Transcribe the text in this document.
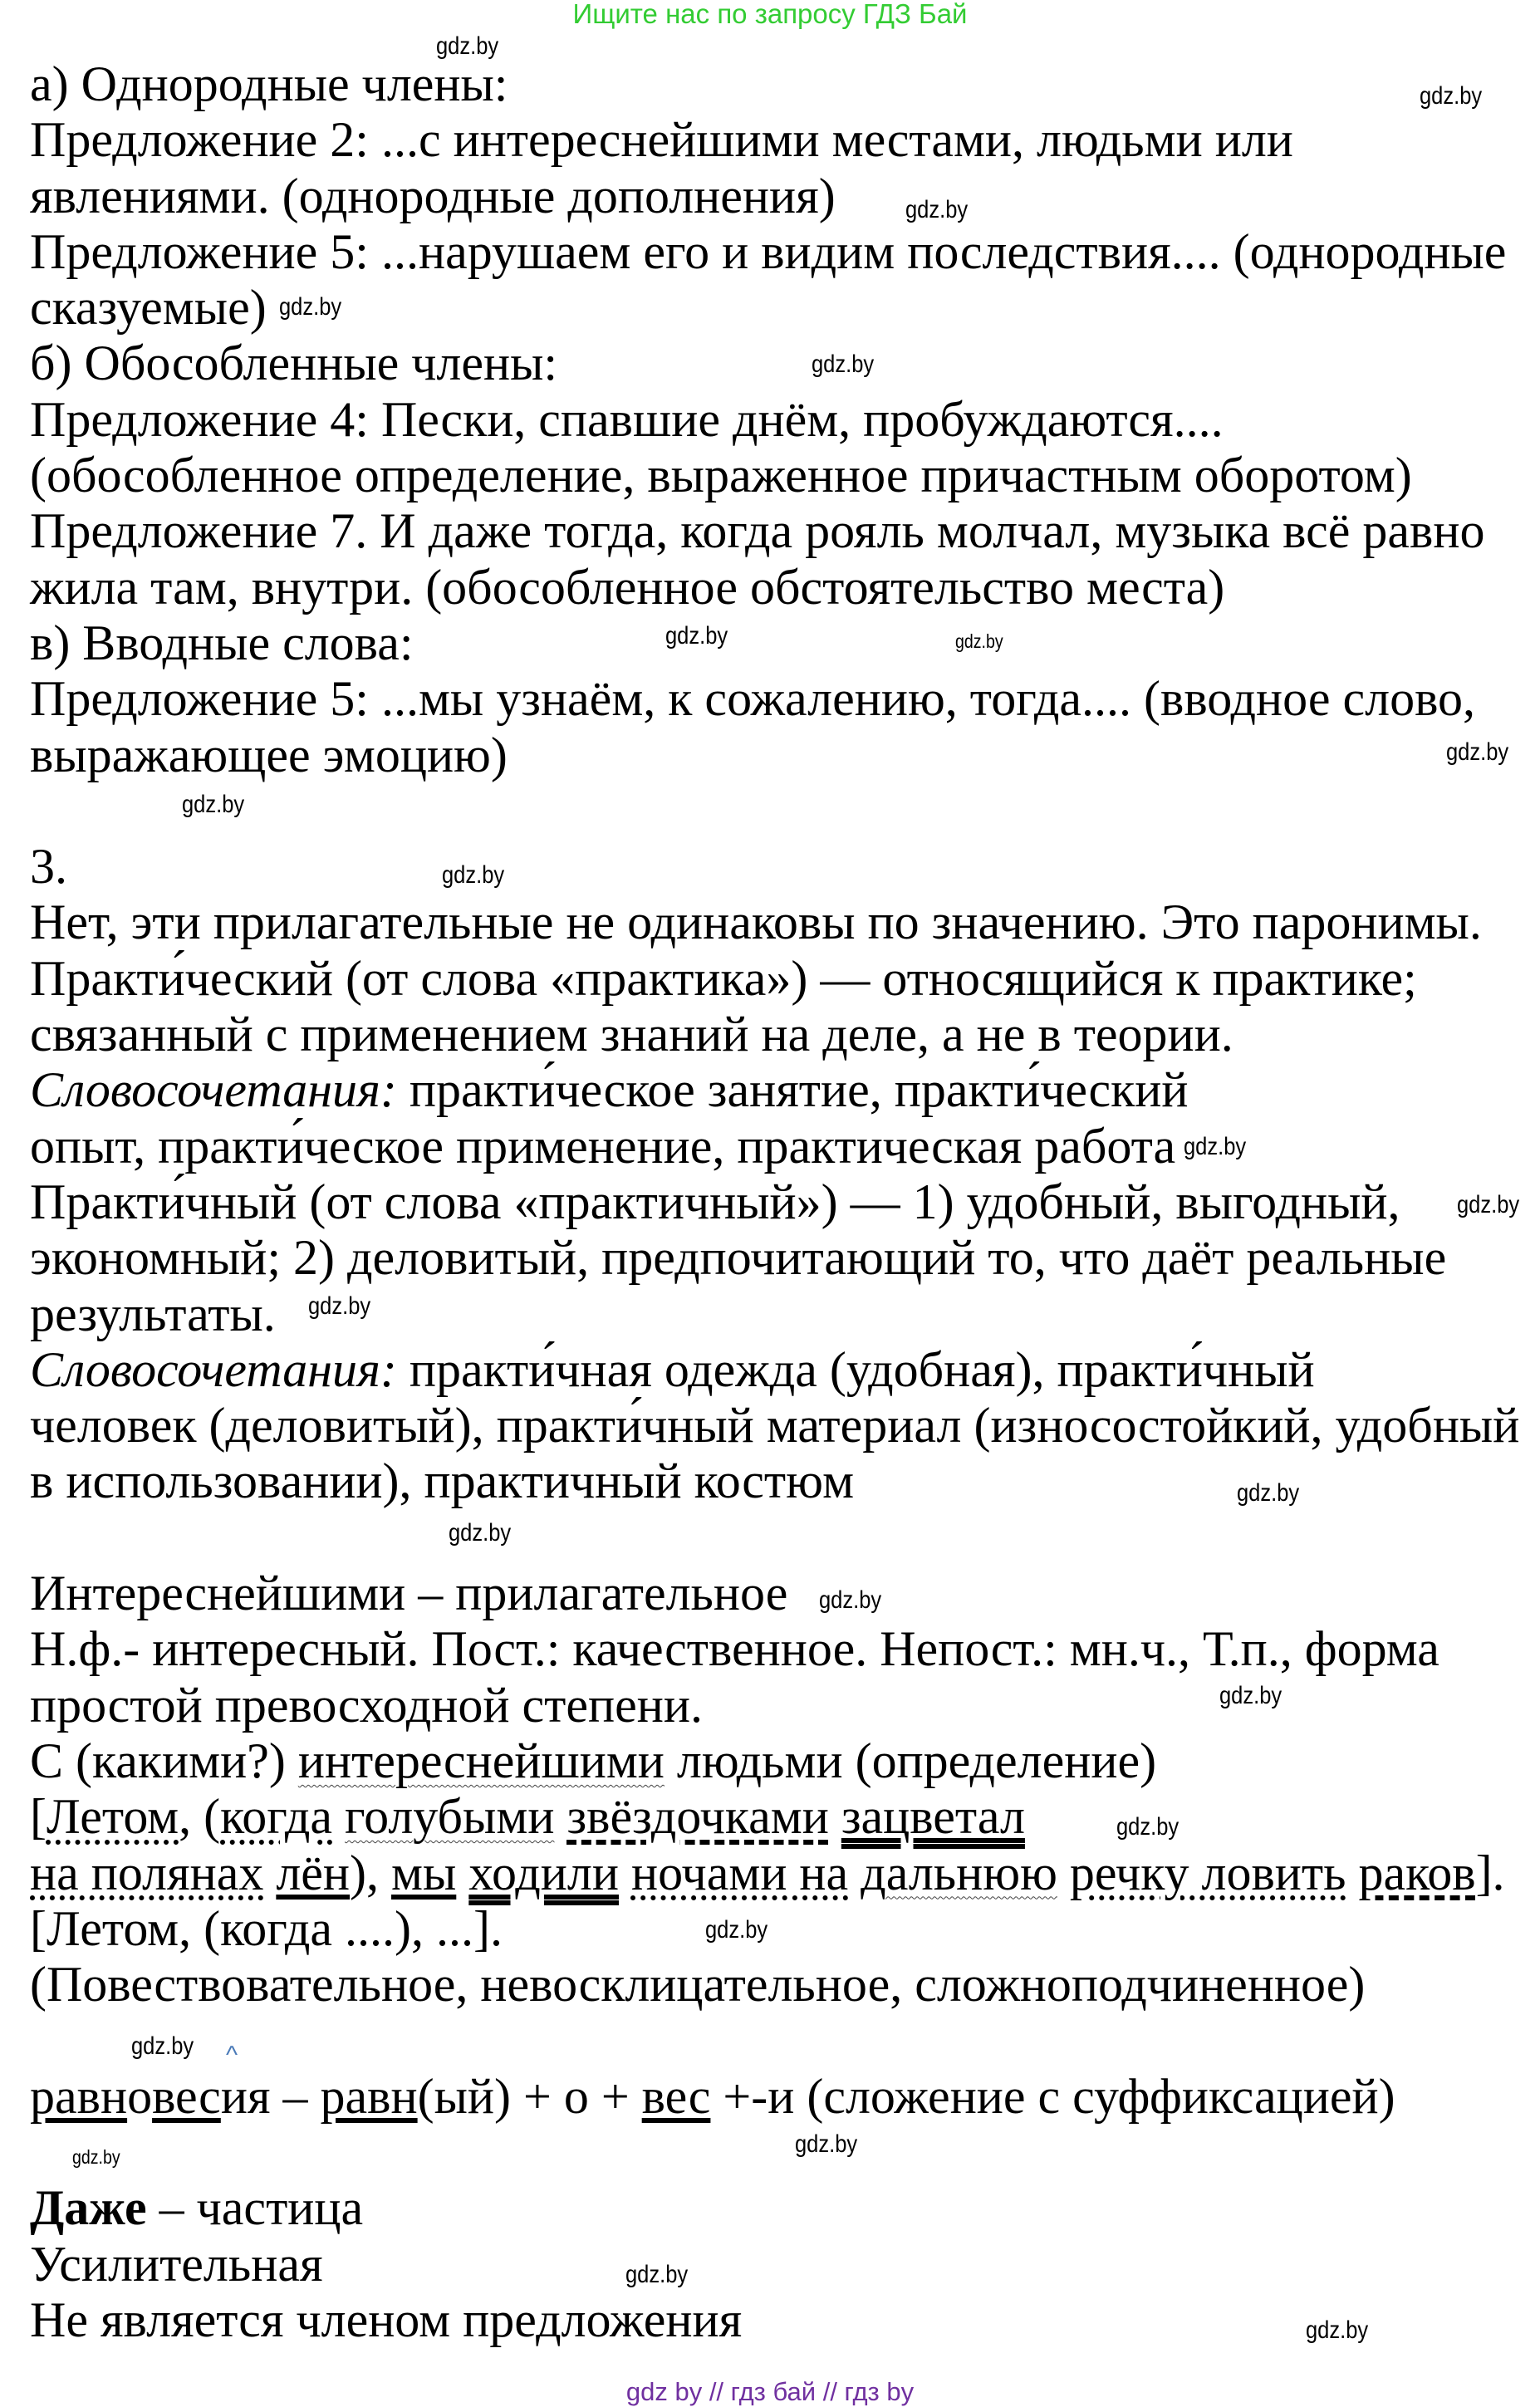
Ищите нас по запросу ГДЗ Бай
а) Однородные члены:
Предложение 2: ...с интереснейшими местами, людьми или
явлениями. (однородные дополнения)
Предложение 5: ...нарушаем его и видим последствия.... (однородные
сказуемые)
б) Обособленные члены:
Предложение 4: Пески, спавшие днём, пробуждаются....
(обособленное определение, выраженное причастным оборотом)
Предложение 7. И даже тогда, когда рояль молчал, музыка всё равно
жила там, внутри. (обособленное обстоятельство места)
в) Вводные слова:
Предложение 5: ...мы узнаём, к сожалению, тогда.... (вводное слово,
выражающее эмоцию)
3.
Нет, эти прилагательные не одинаковы по значению. Это паронимы.
Практи́ческий (от слова «практика») — относящийся к практике;
связанный с применением знаний на деле, а не в теории.
Словосочетания: практи́ческое занятие, практи́ческий
опыт, практи́ческое применение, практическая работа
Практи́чный (от слова «практичный») — 1) удобный, выгодный,
экономный; 2) деловитый, предпочитающий то, что даёт реальные
результаты.
Словосочетания: практи́чная одежда (удобная), практи́чный
человек (деловитый), практи́чный материал (износостойкий, удобный
в использовании), практичный костюм
Интереснейшими – прилагательное
Н.ф.- интересный. Пост.: качественное. Непост.: мн.ч., Т.п., форма
простой превосходной степени.
С (какими?) интереснейшими людьми (определение)
[Летом, (когда голубыми звёздочками зацветал
на полянах лён), мы ходили ночами на дальнюю речку ловить раков].
[Летом, (когда ....), ...].
(Повествовательное, невосклицательное, сложноподчиненное)
равновесия – равн(ый) + о + вес +-и (сложение с суффиксацией)
Даже – частица
Усилительная
Не является членом предложения
gdz.by
gdz.by
gdz.by
gdz.by
gdz.by
gdz.by
gdz.by
gdz.by
gdz.by
gdz.by
gdz.by
gdz.by
gdz.by
gdz.by
gdz.by
gdz.by
gdz.by
gdz.by
gdz.by
gdz.by
gdz.by
gdz.by
gdz.by
gdz.by
^
gdz by // гдз бай // гдз by
